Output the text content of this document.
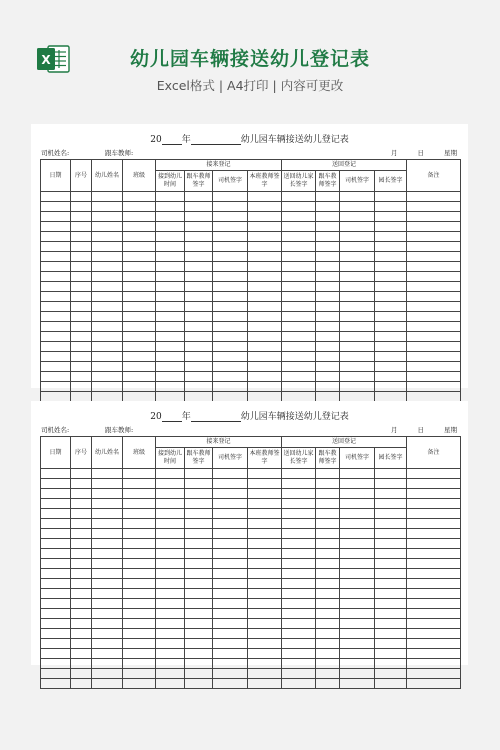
X	幼儿园车辆接送幼儿登记表
Excel格式 | A4打印 | 内容可更改
20 年	幼儿园车辆接送幼儿登记表
司机姓名:	跟车教师:	月	日	星期
日期	序号	幼儿姓名	班级	接来登记				送回登记				备注
				接到幼儿时间	跟车教师签字	司机签字	本班教师签字	送回幼儿家长签字	跟车教师签字	司机签字	园长签字	

20 年	幼儿园车辆接送幼儿登记表
司机姓名:	跟车教师:	月	日	星期
日期	序号	幼儿姓名	班级	接来登记				送回登记				备注
				接到幼儿时间	跟车教师签字	司机签字	本班教师签字	送回幼儿家长签字	跟车教师签字	司机签字	园长签字	
